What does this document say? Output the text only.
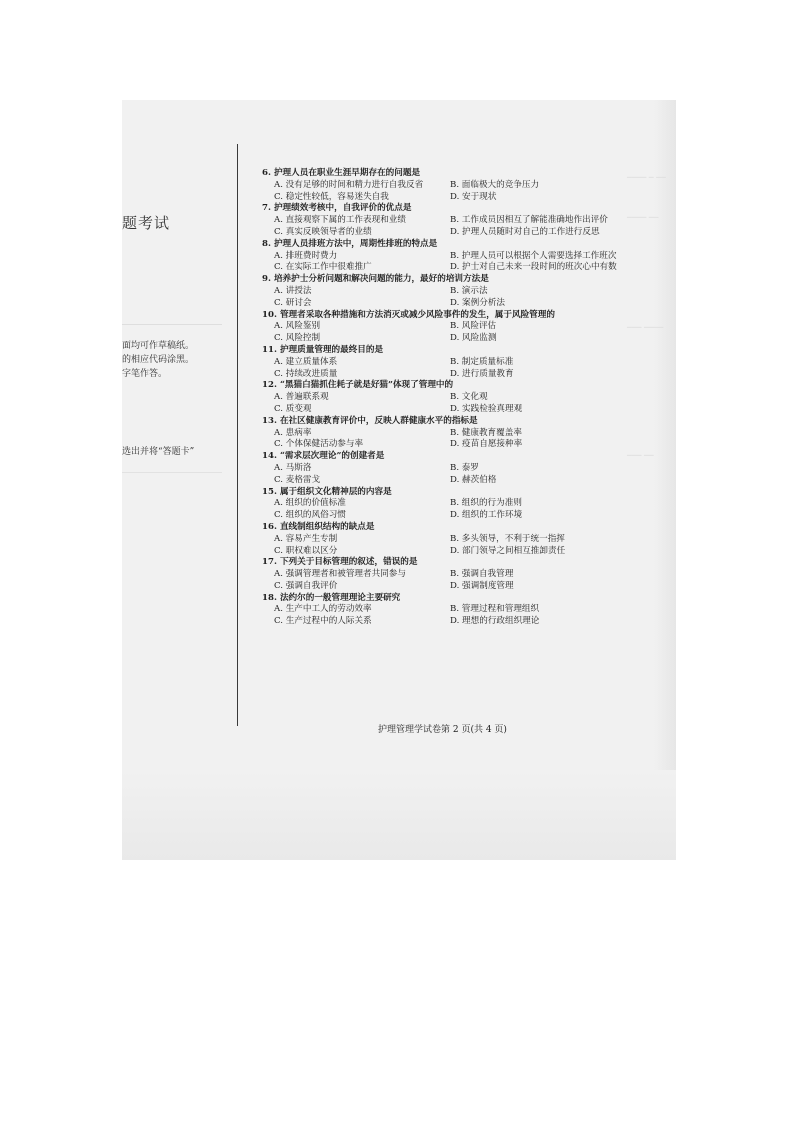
题考试
面均可作草稿纸。
的相应代码涂黑。
字笔作答。
选出并将“答题卡”
──── ─ ──
──── ──
─── ────
─── ──
6. 护理人员在职业生涯早期存在的问题是
A. 没有足够的时间和精力进行自我反省	B. 面临极大的竞争压力
C. 稳定性较低，容易迷失自我	D. 安于现状
7. 护理绩效考核中，自我评价的优点是
A. 直接观察下属的工作表现和业绩	B. 工作成员因相互了解能准确地作出评价
C. 真实反映领导者的业绩	D. 护理人员随时对自己的工作进行反思
8. 护理人员排班方法中，周期性排班的特点是
A. 排班费时费力	B. 护理人员可以根据个人需要选择工作班次
C. 在实际工作中很难推广	D. 护士对自己未来一段时间的班次心中有数
9. 培养护士分析问题和解决问题的能力，最好的培训方法是
A. 讲授法	B. 演示法
C. 研讨会	D. 案例分析法
10. 管理者采取各种措施和方法消灭或减少风险事件的发生，属于风险管理的
A. 风险鉴别	B. 风险评估
C. 风险控制	D. 风险监测
11. 护理质量管理的最终目的是
A. 建立质量体系	B. 制定质量标准
C. 持续改进质量	D. 进行质量教育
12. “黑猫白猫抓住耗子就是好猫”体现了管理中的
A. 普遍联系观	B. 文化观
C. 质变观	D. 实践检验真理观
13. 在社区健康教育评价中，反映人群健康水平的指标是
A. 患病率	B. 健康教育覆盖率
C. 个体保健活动参与率	D. 疫苗自愿接种率
14. “需求层次理论”的创建者是
A. 马斯洛	B. 泰罗
C. 麦格雷戈	D. 赫茨伯格
15. 属于组织文化精神层的内容是
A. 组织的价值标准	B. 组织的行为准则
C. 组织的风俗习惯	D. 组织的工作环境
16. 直线制组织结构的缺点是
A. 容易产生专制	B. 多头领导，不利于统一指挥
C. 职权难以区分	D. 部门领导之间相互推卸责任
17. 下列关于目标管理的叙述，错误的是
A. 强调管理者和被管理者共同参与	B. 强调自我管理
C. 强调自我评价	D. 强调制度管理
18. 法约尔的一般管理理论主要研究
A. 生产中工人的劳动效率	B. 管理过程和管理组织
C. 生产过程中的人际关系	D. 理想的行政组织理论
护理管理学试卷第 2 页(共 4 页)
